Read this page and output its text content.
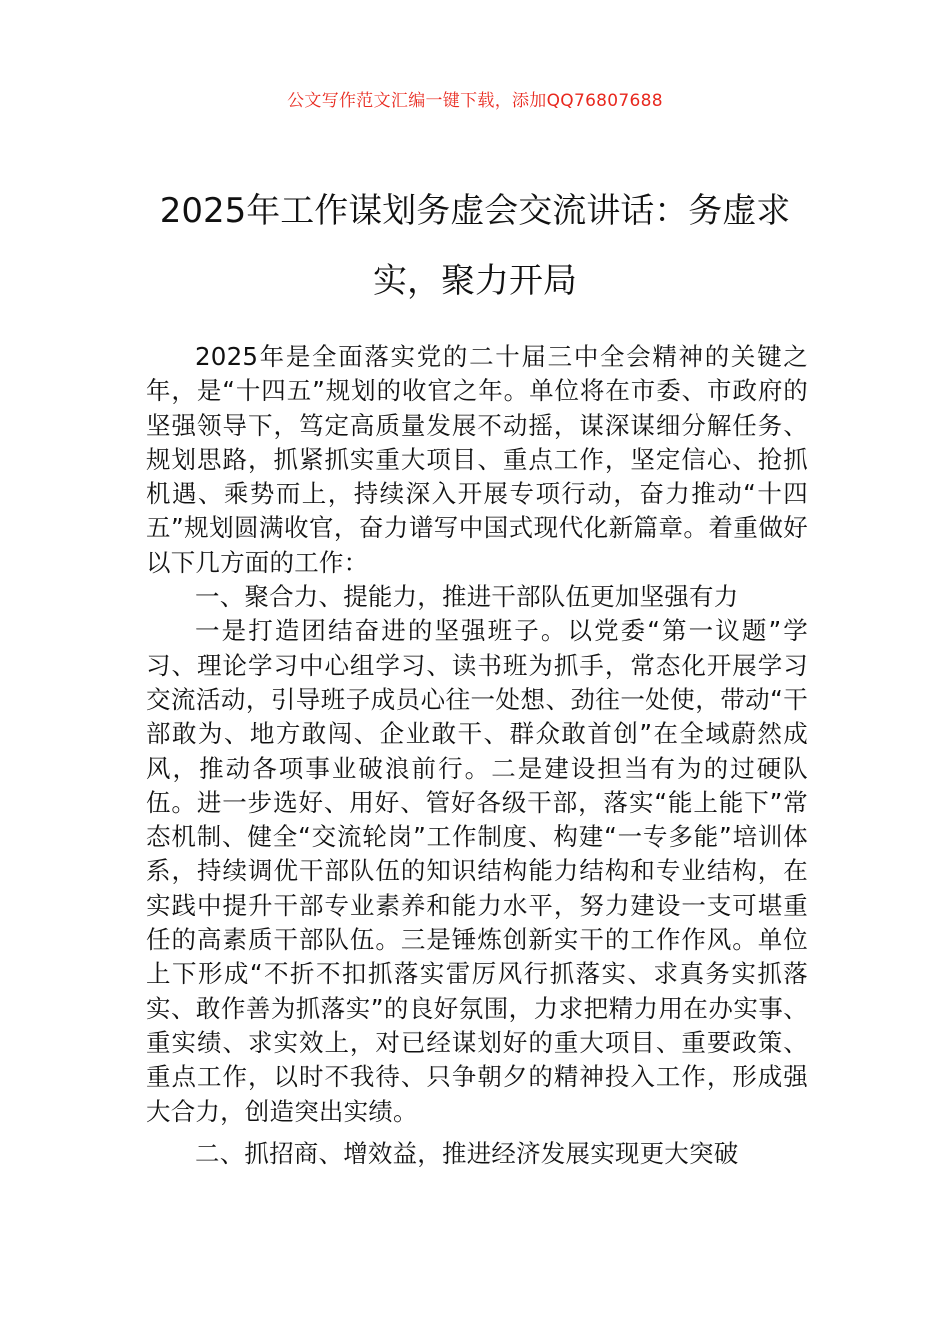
公文写作范文汇编一键下载，添加QQ76807688
2025年工作谋划务虚会交流讲话：务虚求实，聚力开局

2025年是全面落实党的二十届三中全会精神的关键之年，是“十四五”规划的收官之年。单位将在市委、市政府的坚强领导下，笃定高质量发展不动摇，谋深谋细分解任务、规划思路，抓紧抓实重大项目、重点工作，坚定信心、抢抓机遇、乘势而上，持续深入开展专项行动，奋力推动“十四五”规划圆满收官，奋力谱写中国式现代化新篇章。着重做好以下几方面的工作：

一、聚合力、提能力，推进干部队伍更加坚强有力

一是打造团结奋进的坚强班子。以党委“第一议题”学习、理论学习中心组学习、读书班为抓手，常态化开展学习交流活动，引导班子成员心往一处想、劲往一处使，带动“干部敢为、地方敢闯、企业敢干、群众敢首创”在全域蔚然成风，推动各项事业破浪前行。二是建设担当有为的过硬队伍。进一步选好、用好、管好各级干部，落实“能上能下”常态机制、健全“交流轮岗”工作制度、构建“一专多能”培训体系，持续调优干部队伍的知识结构能力结构和专业结构，在实践中提升干部专业素养和能力水平，努力建设一支可堪重任的高素质干部队伍。三是锤炼创新实干的工作作风。单位上下形成“不折不扣抓落实雷厉风行抓落实、求真务实抓落实、敢作善为抓落实”的良好氛围，力求把精力用在办实事、重实绩、求实效上，对已经谋划好的重大项目、重要政策、重点工作，以时不我待、只争朝夕的精神投入工作，形成强大合力，创造突出实绩。

二、抓招商、增效益，推进经济发展实现更大突破
